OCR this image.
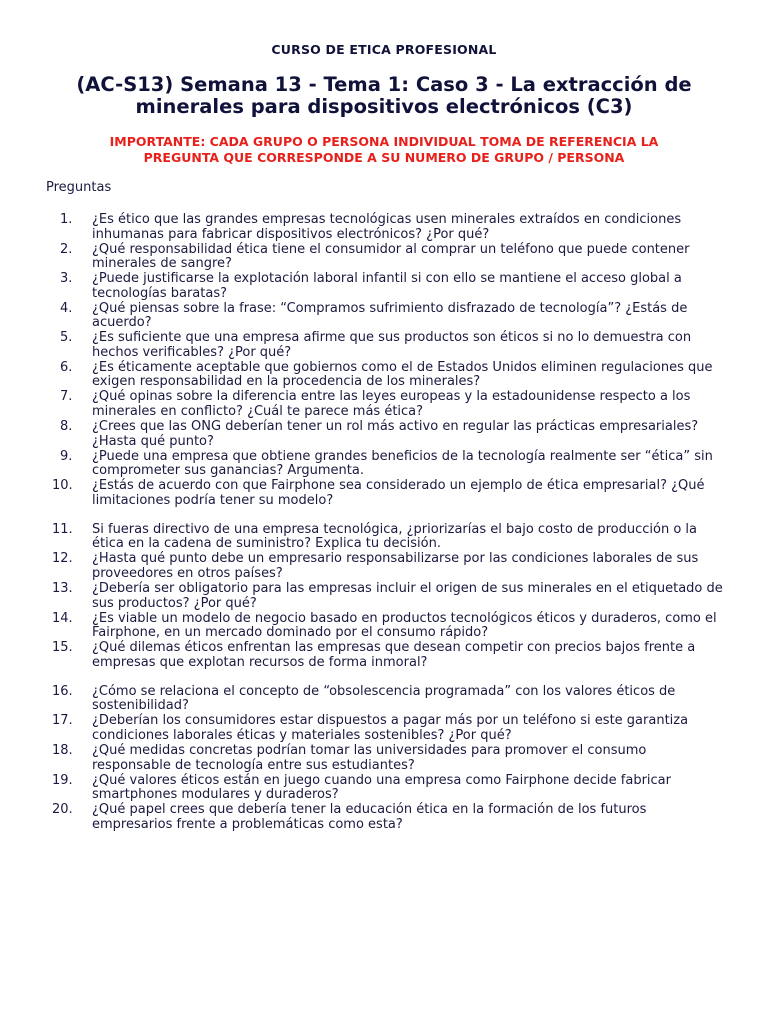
CURSO DE ETICA PROFESIONAL
(AC-S13) Semana 13 - Tema 1: Caso 3 - La extracción de minerales para dispositivos electrónicos (C3)
IMPORTANTE: CADA GRUPO O PERSONA INDIVIDUAL TOMA DE REFERENCIA LA PREGUNTA QUE CORRESPONDE A SU NUMERO DE GRUPO / PERSONA
Preguntas
1.	¿Es ético que las grandes empresas tecnológicas usen minerales extraídos en condiciones inhumanas para fabricar dispositivos electrónicos? ¿Por qué?
2.	¿Qué responsabilidad ética tiene el consumidor al comprar un teléfono que puede contener minerales de sangre?
3.	¿Puede justificarse la explotación laboral infantil si con ello se mantiene el acceso global a tecnologías baratas?
4.	¿Qué piensas sobre la frase: “Compramos sufrimiento disfrazado de tecnología”? ¿Estás de acuerdo?
5.	¿Es suficiente que una empresa afirme que sus productos son éticos si no lo demuestra con hechos verificables? ¿Por qué?
6.	¿Es éticamente aceptable que gobiernos como el de Estados Unidos eliminen regulaciones que exigen responsabilidad en la procedencia de los minerales?
7.	¿Qué opinas sobre la diferencia entre las leyes europeas y la estadounidense respecto a los minerales en conflicto? ¿Cuál te parece más ética?
8.	¿Crees que las ONG deberían tener un rol más activo en regular las prácticas empresariales? ¿Hasta qué punto?
9.	¿Puede una empresa que obtiene grandes beneficios de la tecnología realmente ser “ética” sin comprometer sus ganancias? Argumenta.
10.	¿Estás de acuerdo con que Fairphone sea considerado un ejemplo de ética empresarial? ¿Qué limitaciones podría tener su modelo?
11.	Si fueras directivo de una empresa tecnológica, ¿priorizarías el bajo costo de producción o la ética en la cadena de suministro? Explica tu decisión.
12.	¿Hasta qué punto debe un empresario responsabilizarse por las condiciones laborales de sus proveedores en otros países?
13.	¿Debería ser obligatorio para las empresas incluir el origen de sus minerales en el etiquetado de sus productos? ¿Por qué?
14.	¿Es viable un modelo de negocio basado en productos tecnológicos éticos y duraderos, como el Fairphone, en un mercado dominado por el consumo rápido?
15.	¿Qué dilemas éticos enfrentan las empresas que desean competir con precios bajos frente a empresas que explotan recursos de forma inmoral?
16.	¿Cómo se relaciona el concepto de “obsolescencia programada” con los valores éticos de sostenibilidad?
17.	¿Deberían los consumidores estar dispuestos a pagar más por un teléfono si este garantiza condiciones laborales éticas y materiales sostenibles? ¿Por qué?
18.	¿Qué medidas concretas podrían tomar las universidades para promover el consumo responsable de tecnología entre sus estudiantes?
19.	¿Qué valores éticos están en juego cuando una empresa como Fairphone decide fabricar smartphones modulares y duraderos?
20.	¿Qué papel crees que debería tener la educación ética en la formación de los futuros empresarios frente a problemáticas como esta?
